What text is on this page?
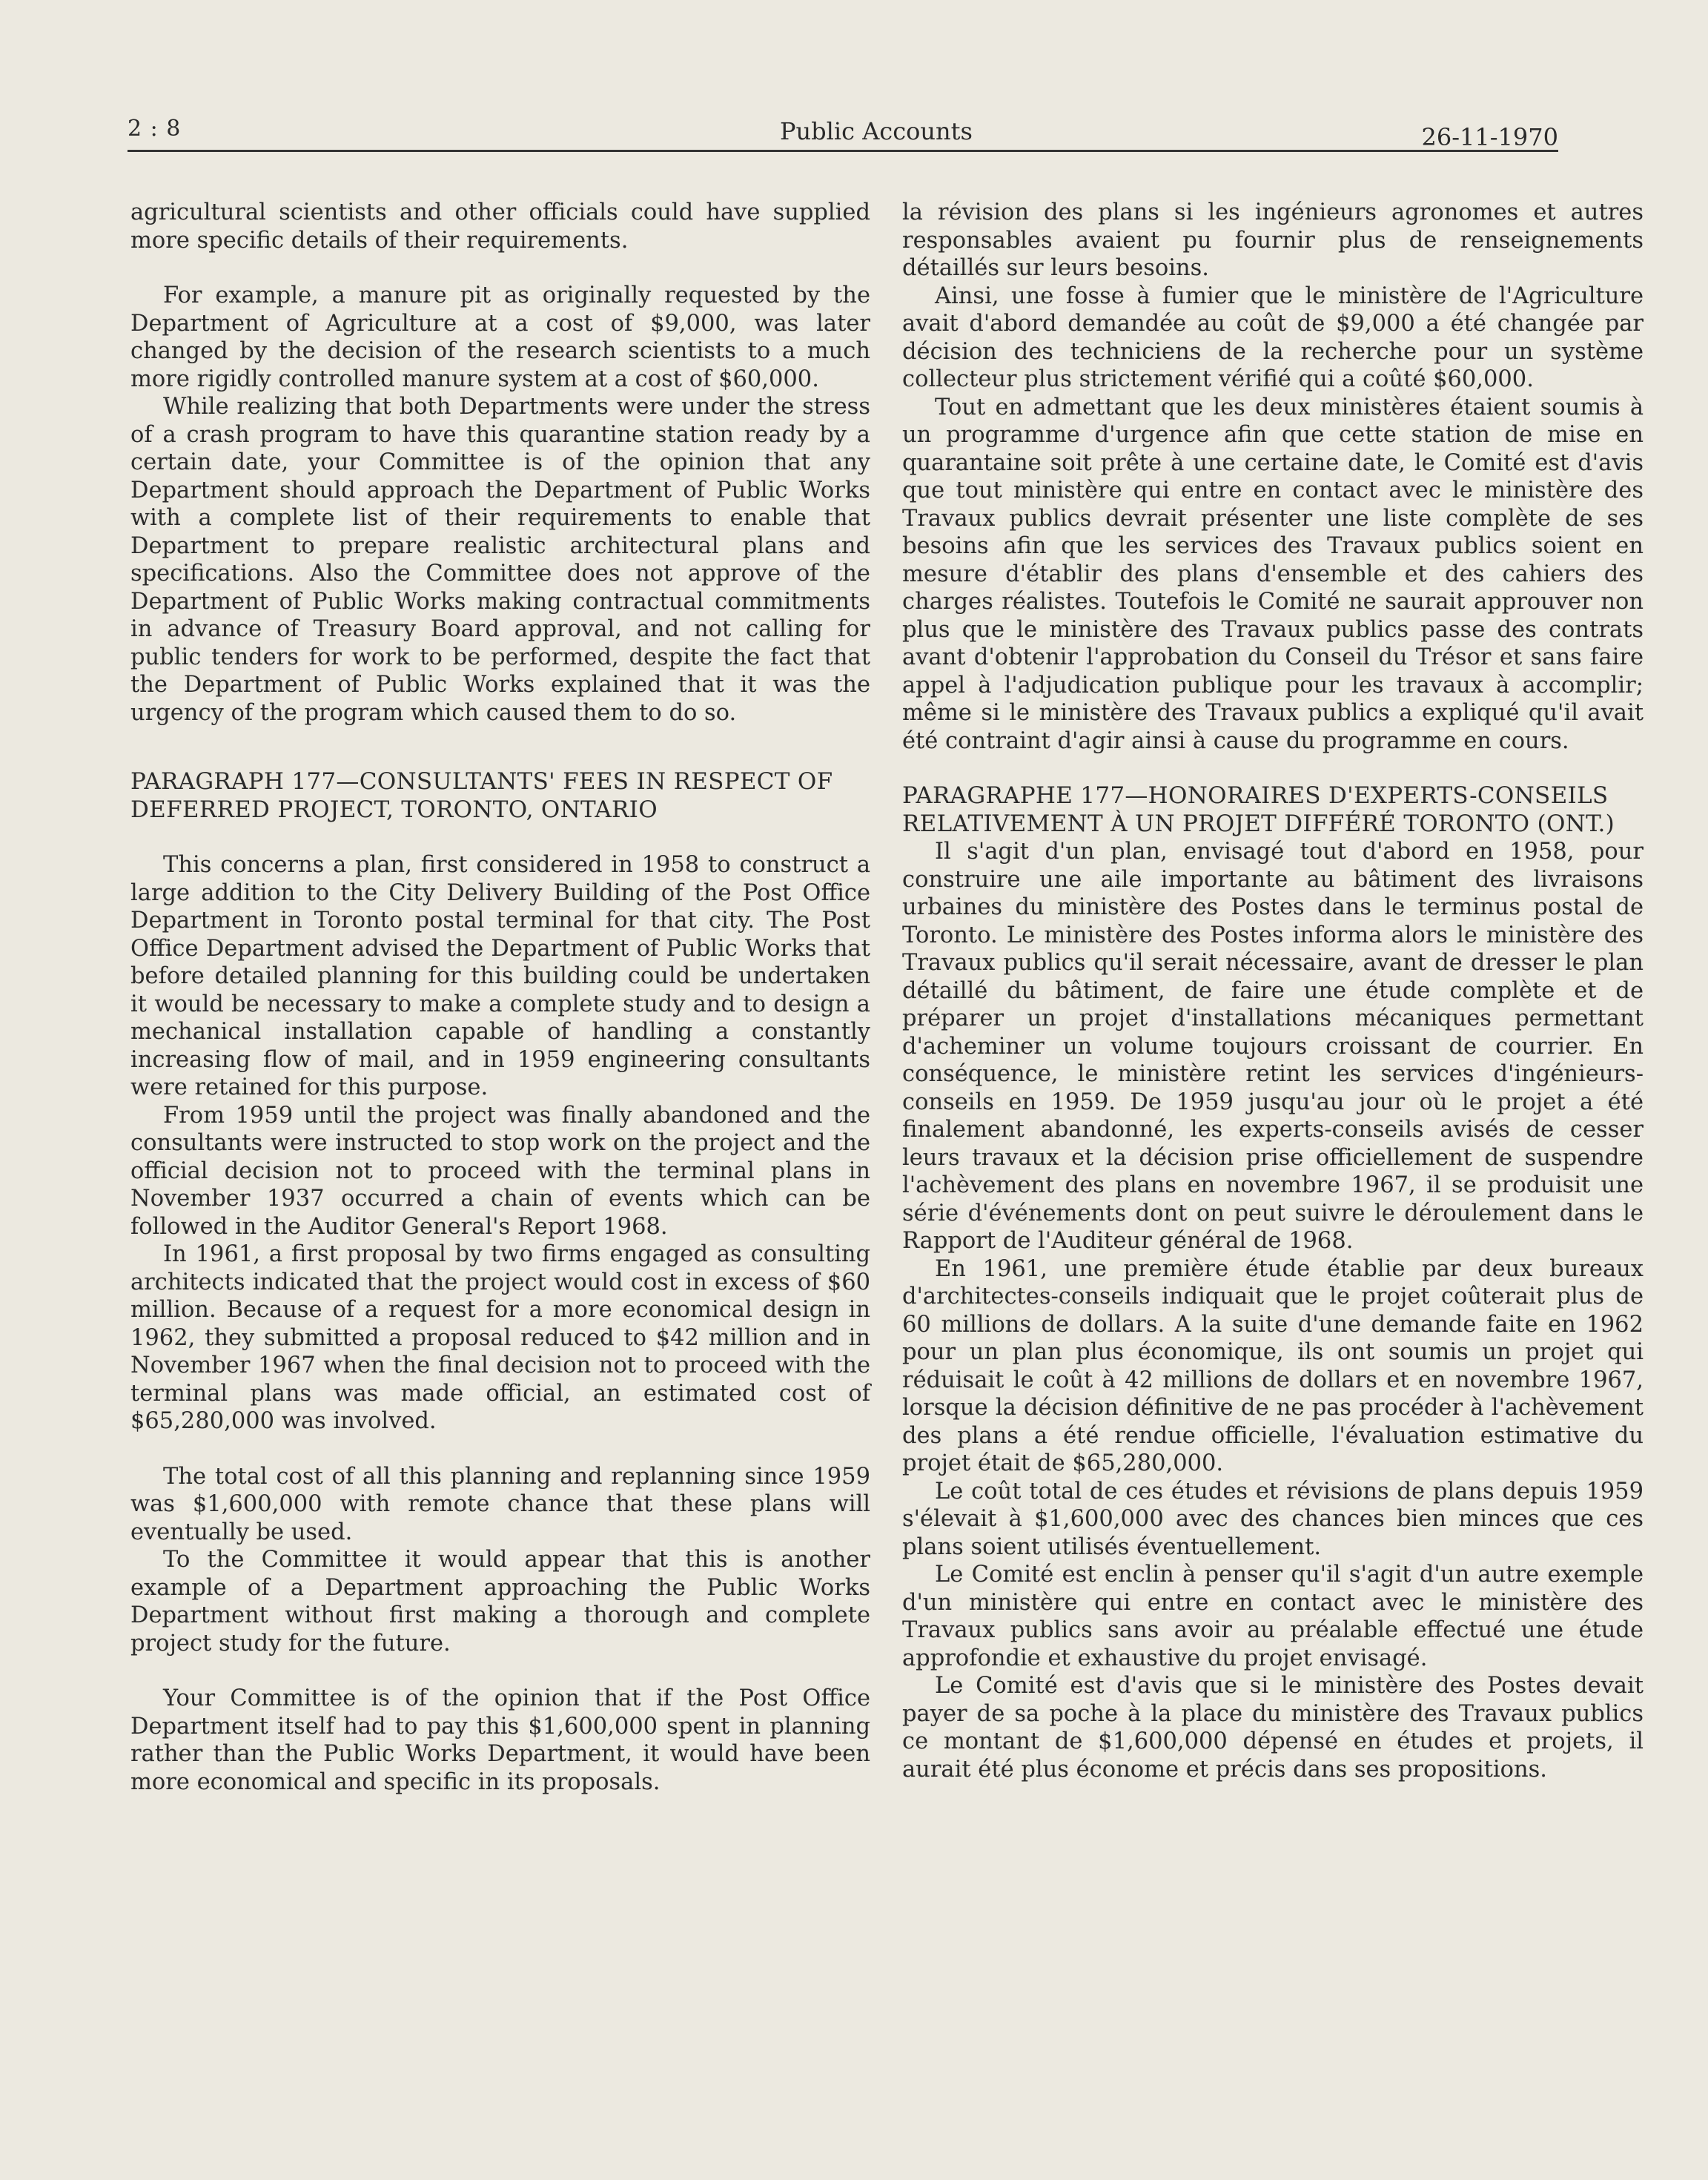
2 : 8	Public Accounts	26-11-1970

agricultural scientists and other officials could have supplied more specific details of their requirements.

For example, a manure pit as originally requested by the Department of Agriculture at a cost of $9,000, was later changed by the decision of the research scientists to a much more rigidly controlled manure system at a cost of $60,000.

While realizing that both Departments were under the stress of a crash program to have this quarantine station ready by a certain date, your Committee is of the opinion that any Department should approach the Department of Public Works with a complete list of their requirements to enable that Department to prepare realistic architectural plans and specifications. Also the Committee does not approve of the Department of Public Works making contractual commitments in advance of Treasury Board approval, and not calling for public tenders for work to be performed, despite the fact that the Department of Public Works explained that it was the urgency of the program which caused them to do so.

PARAGRAPH 177—CONSULTANTS' FEES IN RESPECT OF DEFERRED PROJECT, TORONTO, ONTARIO

This concerns a plan, first considered in 1958 to construct a large addition to the City Delivery Building of the Post Office Department in Toronto postal terminal for that city. The Post Office Department advised the Department of Public Works that before detailed planning for this building could be undertaken it would be necessary to make a complete study and to design a mechanical installation capable of handling a constantly increasing flow of mail, and in 1959 engineering consultants were retained for this purpose.

From 1959 until the project was finally abandoned and the consultants were instructed to stop work on the project and the official decision not to proceed with the terminal plans in November 1937 occurred a chain of events which can be followed in the Auditor General's Report 1968.

In 1961, a first proposal by two firms engaged as consulting architects indicated that the project would cost in excess of $60 million. Because of a request for a more economical design in 1962, they submitted a proposal reduced to $42 million and in November 1967 when the final decision not to proceed with the terminal plans was made official, an estimated cost of $65,280,000 was involved.

The total cost of all this planning and replanning since 1959 was $1,600,000 with remote chance that these plans will eventually be used.

To the Committee it would appear that this is another example of a Department approaching the Public Works Department without first making a thorough and complete project study for the future.

Your Committee is of the opinion that if the Post Office Department itself had to pay this $1,600,000 spent in planning rather than the Public Works Department, it would have been more economical and specific in its proposals.

la révision des plans si les ingénieurs agronomes et autres responsables avaient pu fournir plus de renseignements détaillés sur leurs besoins.

Ainsi, une fosse à fumier que le ministère de l'Agriculture avait d'abord demandée au coût de $9,000 a été changée par décision des techniciens de la recherche pour un système collecteur plus strictement vérifié qui a coûté $60,000.

Tout en admettant que les deux ministères étaient soumis à un programme d'urgence afin que cette station de mise en quarantaine soit prête à une certaine date, le Comité est d'avis que tout ministère qui entre en contact avec le ministère des Travaux publics devrait présenter une liste complète de ses besoins afin que les services des Travaux publics soient en mesure d'établir des plans d'ensemble et des cahiers des charges réalistes. Toutefois le Comité ne saurait approuver non plus que le ministère des Travaux publics passe des contrats avant d'obtenir l'approbation du Conseil du Trésor et sans faire appel à l'adjudication publique pour les travaux à accomplir; même si le ministère des Travaux publics a expliqué qu'il avait été contraint d'agir ainsi à cause du programme en cours.

PARAGRAPHE 177—HONORAIRES D'EXPERTS-CONSEILS RELATIVEMENT À UN PROJET DIFFÉRÉ TORONTO (ONT.)

Il s'agit d'un plan, envisagé tout d'abord en 1958, pour construire une aile importante au bâtiment des livraisons urbaines du ministère des Postes dans le terminus postal de Toronto. Le ministère des Postes informa alors le ministère des Travaux publics qu'il serait nécessaire, avant de dresser le plan détaillé du bâtiment, de faire une étude complète et de préparer un projet d'installations mécaniques permettant d'acheminer un volume toujours croissant de courrier. En conséquence, le ministère retint les services d'ingénieurs-conseils en 1959. De 1959 jusqu'au jour où le projet a été finalement abandonné, les experts-conseils avisés de cesser leurs travaux et la décision prise officiellement de suspendre l'achèvement des plans en novembre 1967, il se produisit une série d'événements dont on peut suivre le déroulement dans le Rapport de l'Auditeur général de 1968.

En 1961, une première étude établie par deux bureaux d'architectes-conseils indiquait que le projet coûterait plus de 60 millions de dollars. A la suite d'une demande faite en 1962 pour un plan plus économique, ils ont soumis un projet qui réduisait le coût à 42 millions de dollars et en novembre 1967, lorsque la décision définitive de ne pas procéder à l'achèvement des plans a été rendue officielle, l'évaluation estimative du projet était de $65,280,000.

Le coût total de ces études et révisions de plans depuis 1959 s'élevait à $1,600,000 avec des chances bien minces que ces plans soient utilisés éventuellement.

Le Comité est enclin à penser qu'il s'agit d'un autre exemple d'un ministère qui entre en contact avec le ministère des Travaux publics sans avoir au préalable effectué une étude approfondie et exhaustive du projet envisagé.

Le Comité est d'avis que si le ministère des Postes devait payer de sa poche à la place du ministère des Travaux publics ce montant de $1,600,000 dépensé en études et projets, il aurait été plus économe et précis dans ses propositions.
